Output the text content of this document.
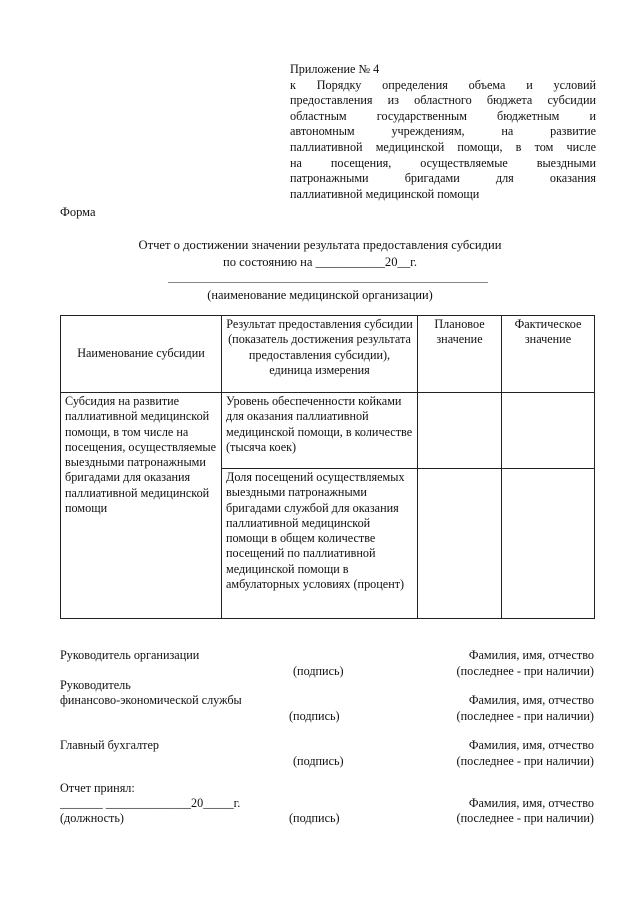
Приложение № 4
к Порядку определения объема и условий
предоставления из областного бюджета субсидии
областным государственным бюджетным и
автономным учреждениям, на развитие
паллиативной медицинской помощи, в том числе
на посещения, осуществляемые выездными
патронажными бригадами для оказания
паллиативной медицинской помощи
Форма
Отчет о достижении значении результата предоставления субсидии
по состоянию на ___________20__г.
(наименование медицинской организации)
Наименование субсидии	Результат предоставления субсидии (показатель достижения результата предоставления субсидии), единица измерения	Плановое значение	Фактическое значение
Субсидия на развитие паллиативной медицинской помощи, в том числе на посещения, осуществляемые выездными патронажными бригадами для оказания паллиативной медицинской помощи	Уровень обеспеченности койками для оказания паллиативной медицинской помощи, в количестве (тысяча коек)		
	Доля посещений осуществляемых выездными патронажными бригадами службой для оказания паллиативной медицинской помощи в общем количестве посещений по паллиативной медицинской помощи в амбулаторных условиях (процент)		
Руководитель организации
(подпись)
Фамилия, имя, отчество
(последнее - при наличии)
Руководитель
финансово-экономической службы
(подпись)
Фамилия, имя, отчество
(последнее - при наличии)
Главный бухгалтер
(подпись)
Фамилия, имя, отчество
(последнее - при наличии)
Отчет принял:
_______ ______________20_____г.
(должность)	(подпись)
Фамилия, имя, отчество
(последнее - при наличии)
